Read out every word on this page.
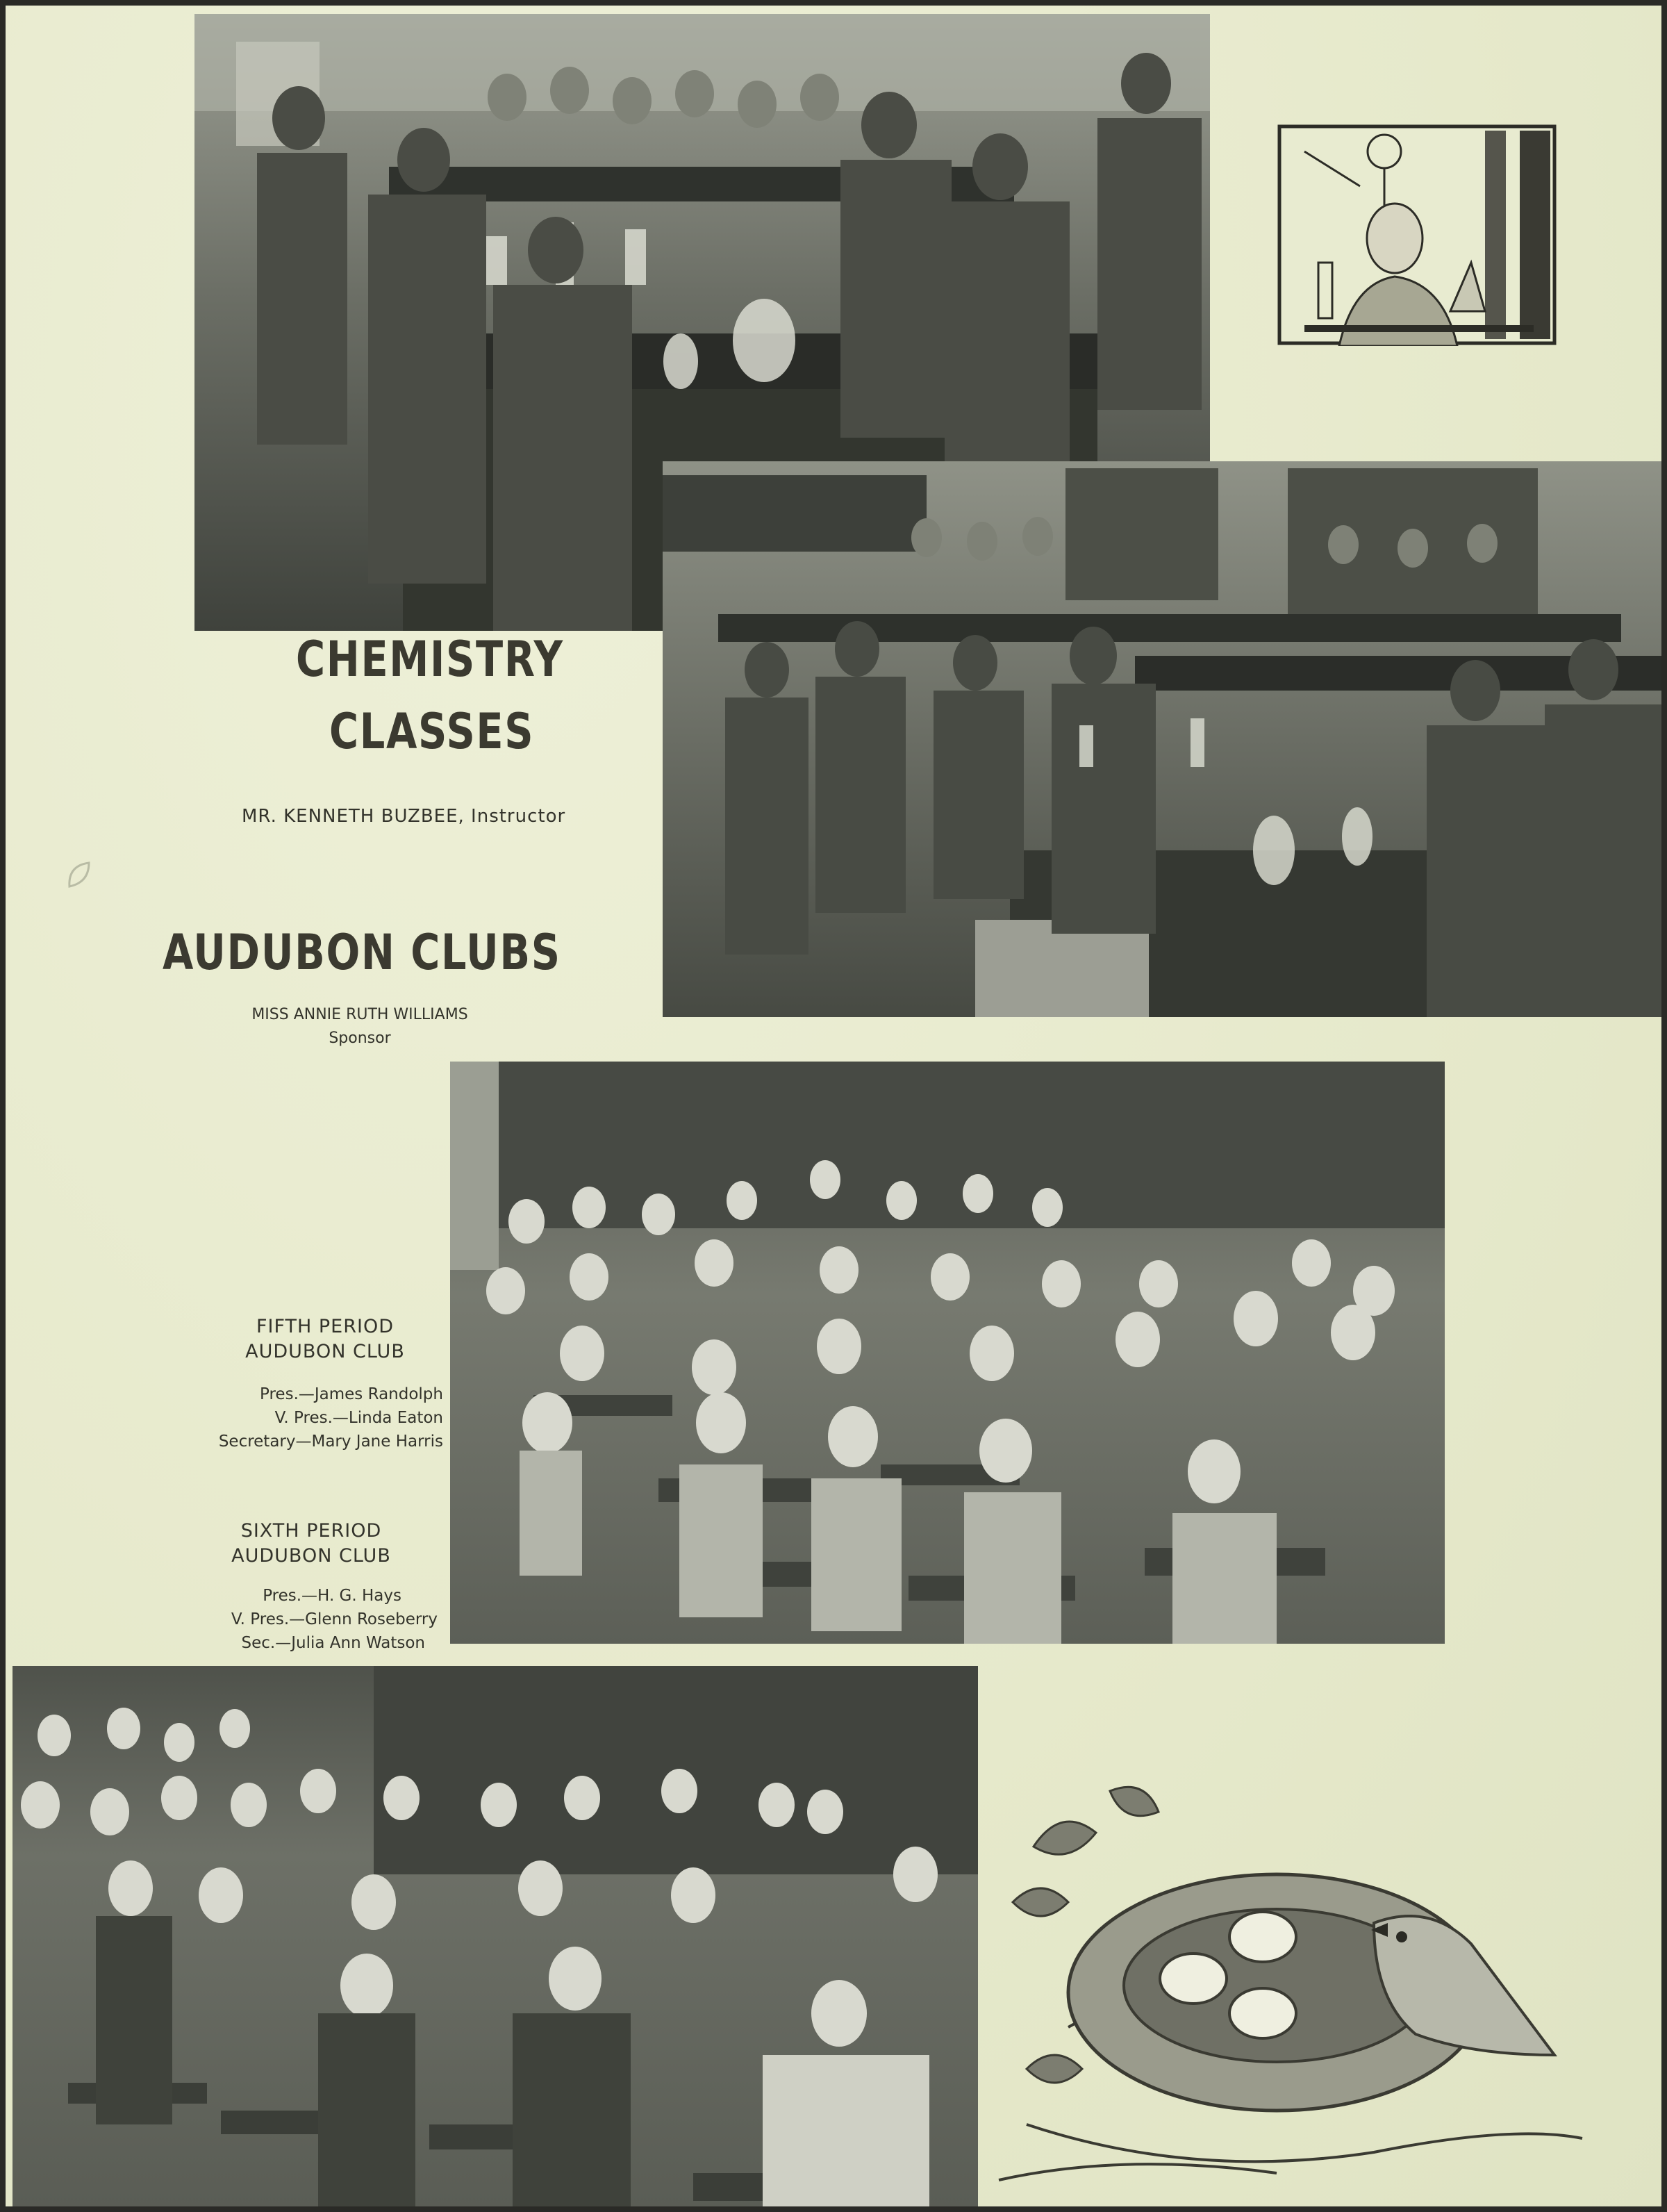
CHEMISTRY

CLASSES

MR. KENNETH BUZBEE, Instructor

AUDUBON CLUBS

MISS ANNIE RUTH WILLIAMS

Sponsor

FIFTH PERIOD

AUDUBON CLUB

Pres.—James Randolph

V. Pres.—Linda Eaton

Secretary—Mary Jane Harris

SIXTH PERIOD

AUDUBON CLUB

Pres.—H. G. Hays

V. Pres.—Glenn Roseberry

Sec.—Julia Ann Watson
